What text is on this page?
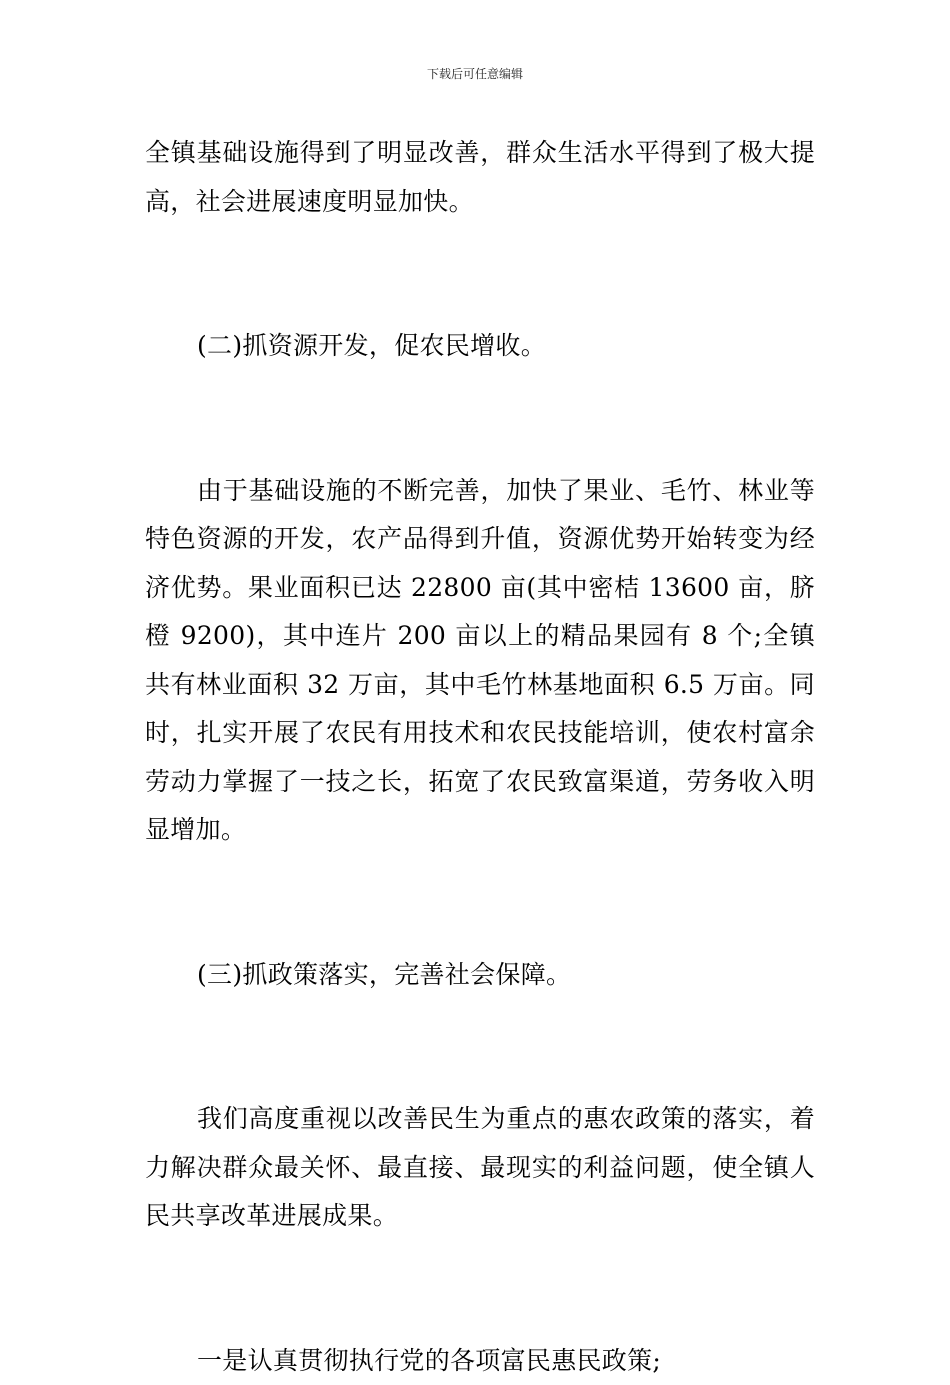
下载后可任意编辑

全镇基础设施得到了明显改善，群众生活水平得到了极大提高，社会进展速度明显加快。

(二)抓资源开发，促农民增收。

由于基础设施的不断完善，加快了果业、毛竹、林业等特色资源的开发，农产品得到升值，资源优势开始转变为经济优势。果业面积已达 22800 亩(其中密桔 13600 亩，脐橙 9200)，其中连片 200 亩以上的精品果园有 8 个;全镇共有林业面积 32 万亩，其中毛竹林基地面积 6.5 万亩。同时，扎实开展了农民有用技术和农民技能培训，使农村富余劳动力掌握了一技之长，拓宽了农民致富渠道，劳务收入明显增加。

(三)抓政策落实，完善社会保障。

我们高度重视以改善民生为重点的惠农政策的落实，着力解决群众最关怀、最直接、最现实的利益问题，使全镇人民共享改革进展成果。

一是认真贯彻执行党的各项富民惠民政策;
